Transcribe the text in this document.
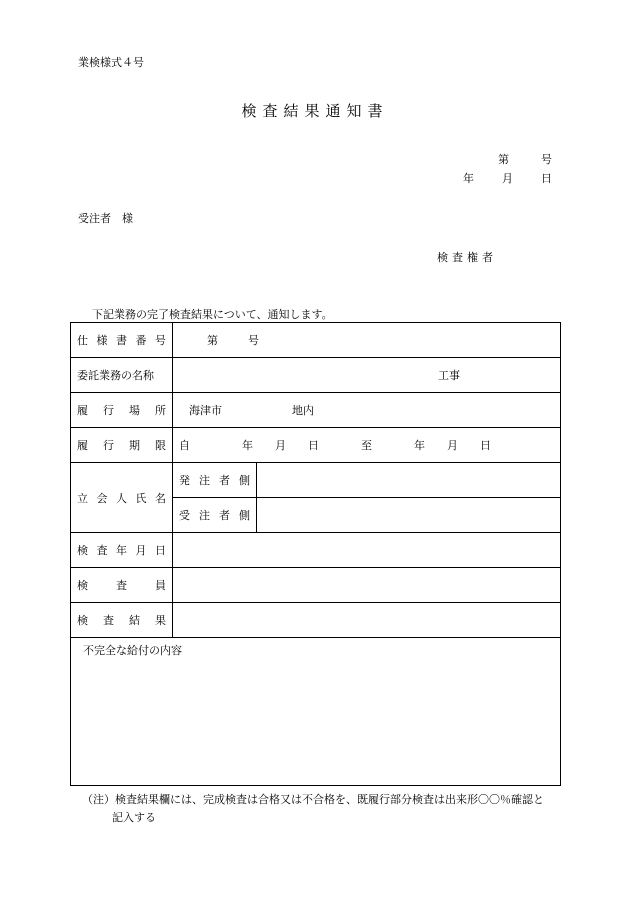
業検様式４号
検査結果通知書
第	号
年	月	日
受注者　様
検査権者
下記業務の完了検査結果について、通知します。
仕 様 書 番 号	第 号	
委託業務の名称	工事	

履 行 場 所	海津市 地内	

履 行 期 限	自 年 月 日 至 年 月 日	

立 会 人 氏 名	発 注 者 側	

	受 注 者 側	

検 査 年 月 日		

検 査 員		

検 査 結 果		

不完全な給付の内容		
（注）検査結果欄には、完成検査は合格又は不合格を、既履行部分検査は出来形〇〇％確認と
記入する
